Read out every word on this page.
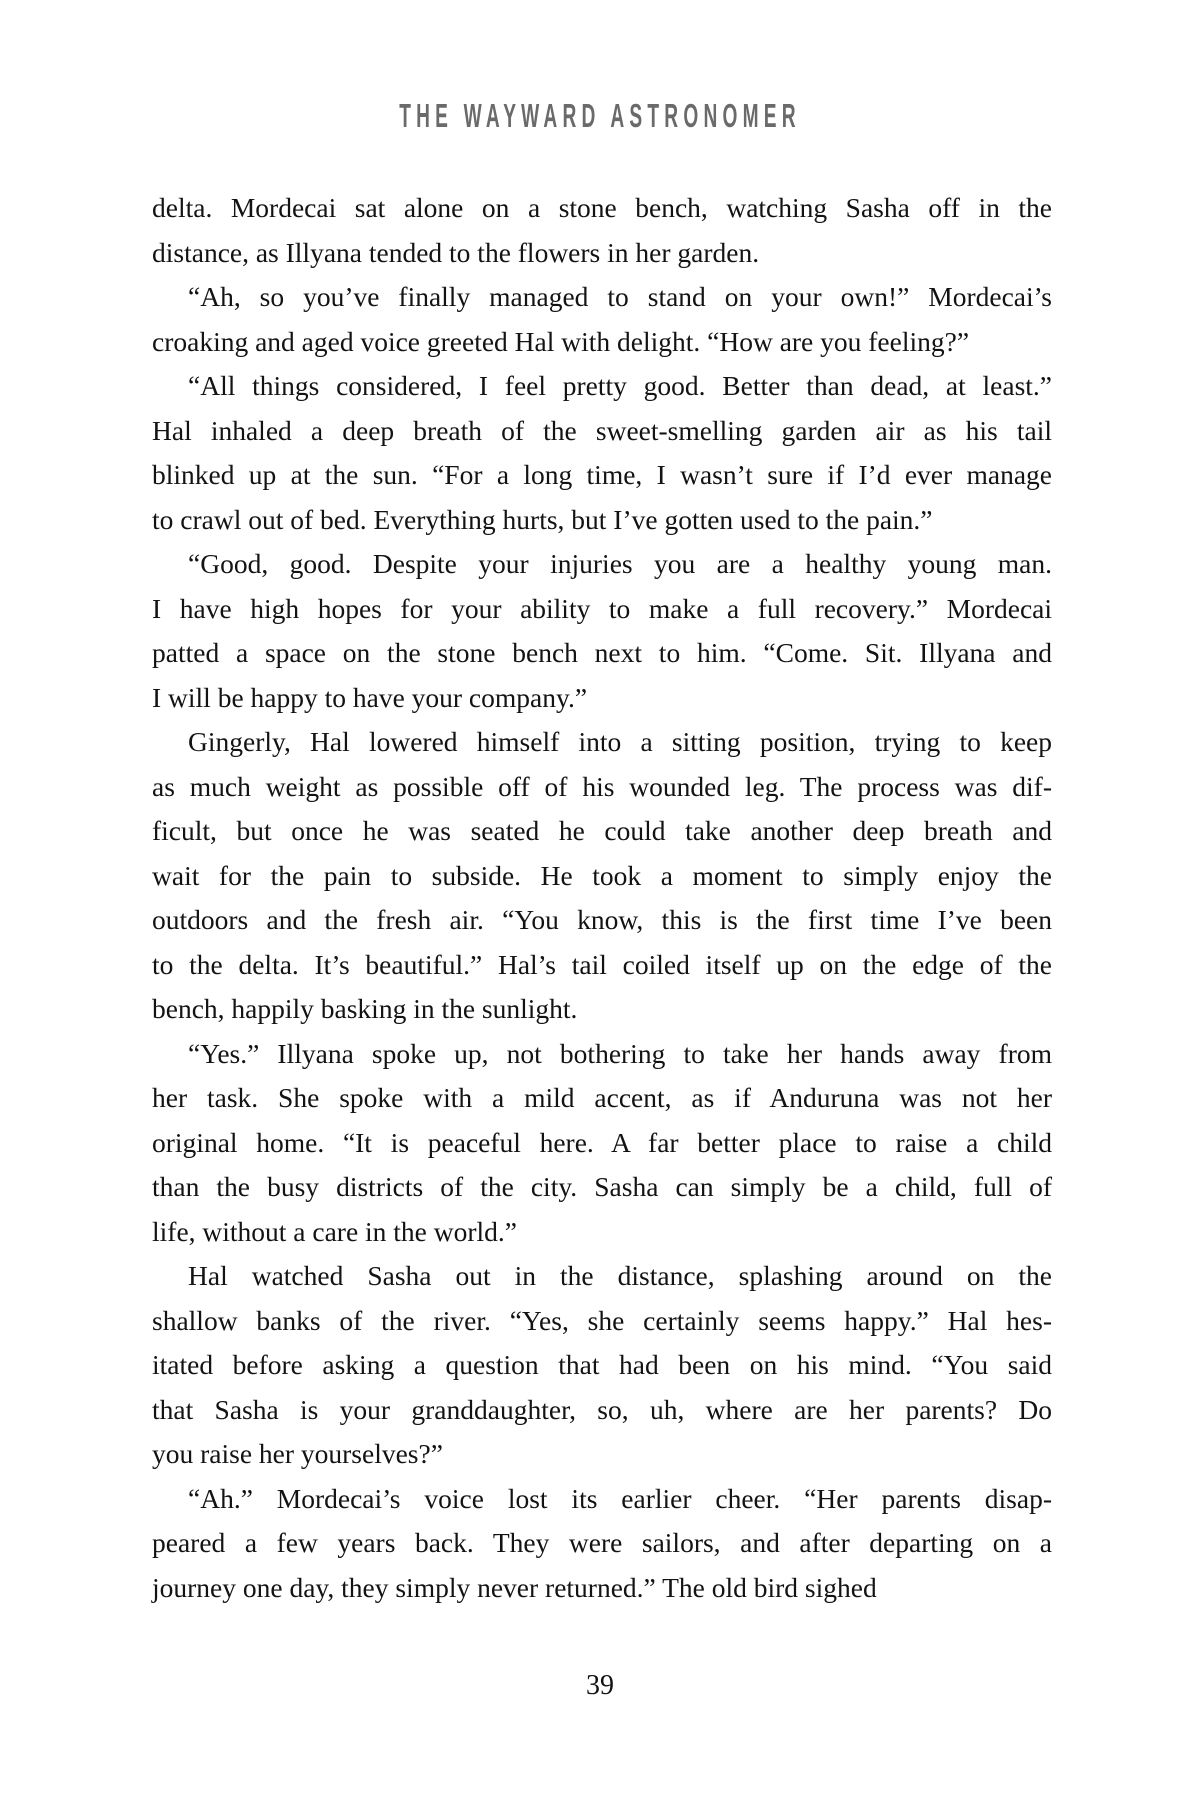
THE WAYWARD ASTRONOMER
delta. Mordecai sat alone on a stone bench, watching Sasha off in the
distance, as Illyana tended to the flowers in her garden.
“Ah, so you’ve finally managed to stand on your own!” Mordecai’s
croaking and aged voice greeted Hal with delight. “How are you feeling?”
“All things considered, I feel pretty good. Better than dead, at least.”
Hal inhaled a deep breath of the sweet-smelling garden air as his tail
blinked up at the sun. “For a long time, I wasn’t sure if I’d ever manage
to crawl out of bed. Everything hurts, but I’ve gotten used to the pain.”
“Good, good. Despite your injuries you are a healthy young man.
I have high hopes for your ability to make a full recovery.” Mordecai
patted a space on the stone bench next to him. “Come. Sit. Illyana and
I will be happy to have your company.”
Gingerly, Hal lowered himself into a sitting position, trying to keep
as much weight as possible off of his wounded leg. The process was dif-
ficult, but once he was seated he could take another deep breath and
wait for the pain to subside. He took a moment to simply enjoy the
outdoors and the fresh air. “You know, this is the first time I’ve been
to the delta. It’s beautiful.” Hal’s tail coiled itself up on the edge of the
bench, happily basking in the sunlight.
“Yes.” Illyana spoke up, not bothering to take her hands away from
her task. She spoke with a mild accent, as if Anduruna was not her
original home. “It is peaceful here. A far better place to raise a child
than the busy districts of the city. Sasha can simply be a child, full of
life, without a care in the world.”
Hal watched Sasha out in the distance, splashing around on the
shallow banks of the river. “Yes, she certainly seems happy.” Hal hes-
itated before asking a question that had been on his mind. “You said
that Sasha is your granddaughter, so, uh, where are her parents? Do
you raise her yourselves?”
“Ah.” Mordecai’s voice lost its earlier cheer. “Her parents disap-
peared a few years back. They were sailors, and after departing on a
journey one day, they simply never returned.” The old bird sighed
39
